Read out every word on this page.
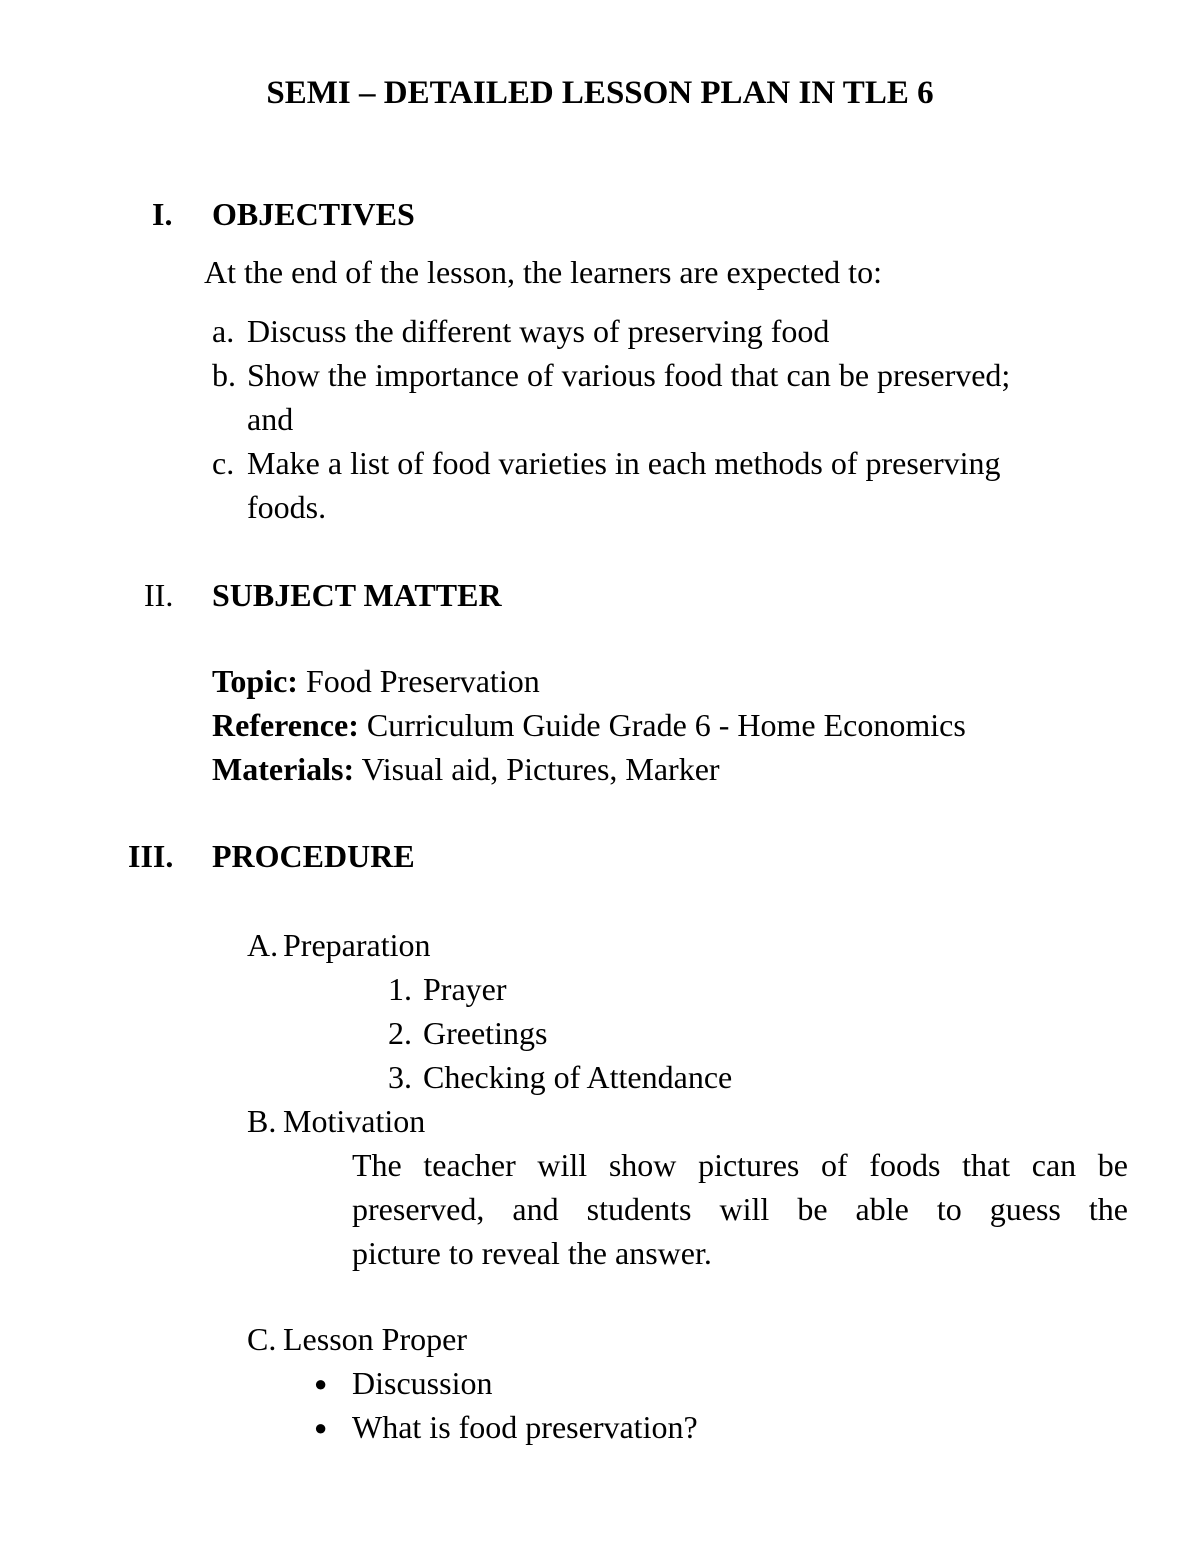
SEMI – DETAILED LESSON PLAN IN TLE 6
I. OBJECTIVES
At the end of the lesson, the learners are expected to:
a. Discuss the different ways of preserving food
b. Show the importance of various food that can be preserved;
and
c. Make a list of food varieties in each methods of preserving
foods.
II. SUBJECT MATTER
Topic: Food Preservation
Reference: Curriculum Guide Grade 6 - Home Economics
Materials: Visual aid, Pictures, Marker
III. PROCEDURE
A. Preparation
1. Prayer
2. Greetings
3. Checking of Attendance
B. Motivation
The teacher will show pictures of foods that can be
preserved, and students will be able to guess the
picture to reveal the answer.
C. Lesson Proper
● Discussion
● What is food preservation?
